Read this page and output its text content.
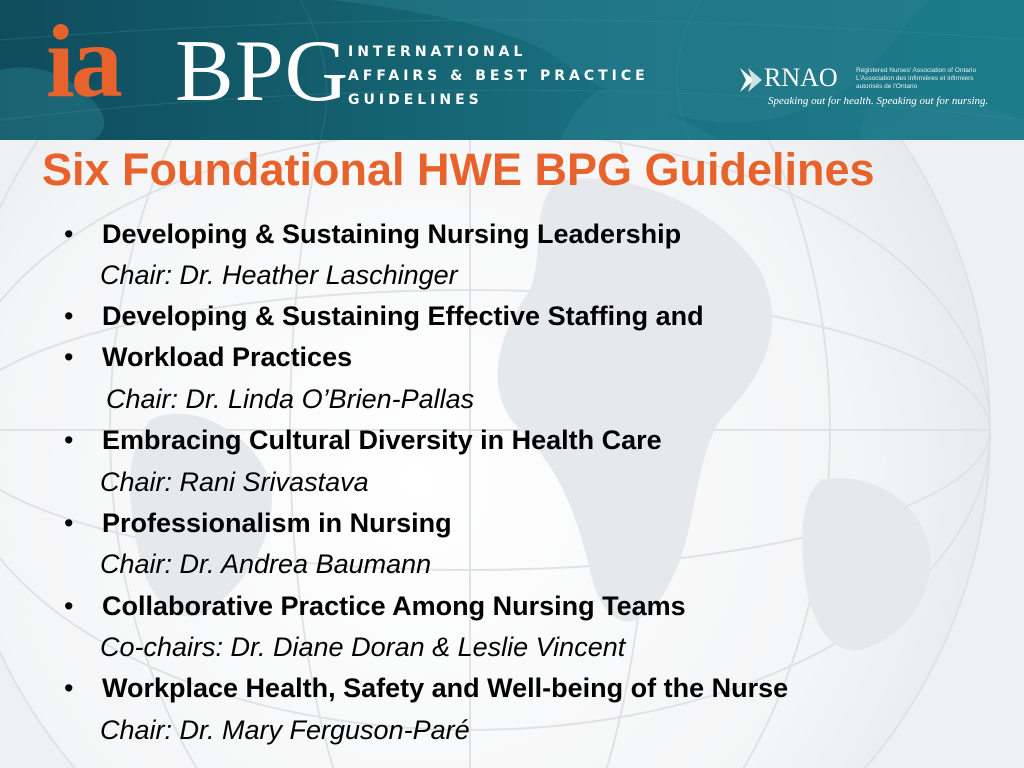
ia BPG
INTERNATIONAL
AFFAIRS & BEST PRACTICE
GUIDELINES
RNAO	Registered Nurses' Association of Ontario
L'Association des infirmières et infirmiers
autorisés de l'Ontario
Speaking out for health. Speaking out for nursing.
Six Foundational HWE BPG Guidelines
• Developing & Sustaining Nursing Leadership
Chair: Dr. Heather Laschinger
• Developing & Sustaining Effective Staffing and
• Workload Practices
Chair: Dr. Linda O’Brien-Pallas
• Embracing Cultural Diversity in Health Care
Chair: Rani Srivastava
• Professionalism in Nursing
Chair: Dr. Andrea Baumann
• Collaborative Practice Among Nursing Teams
Co-chairs: Dr. Diane Doran & Leslie Vincent
• Workplace Health, Safety and Well-being of the Nurse
Chair: Dr. Mary Ferguson-Paré
